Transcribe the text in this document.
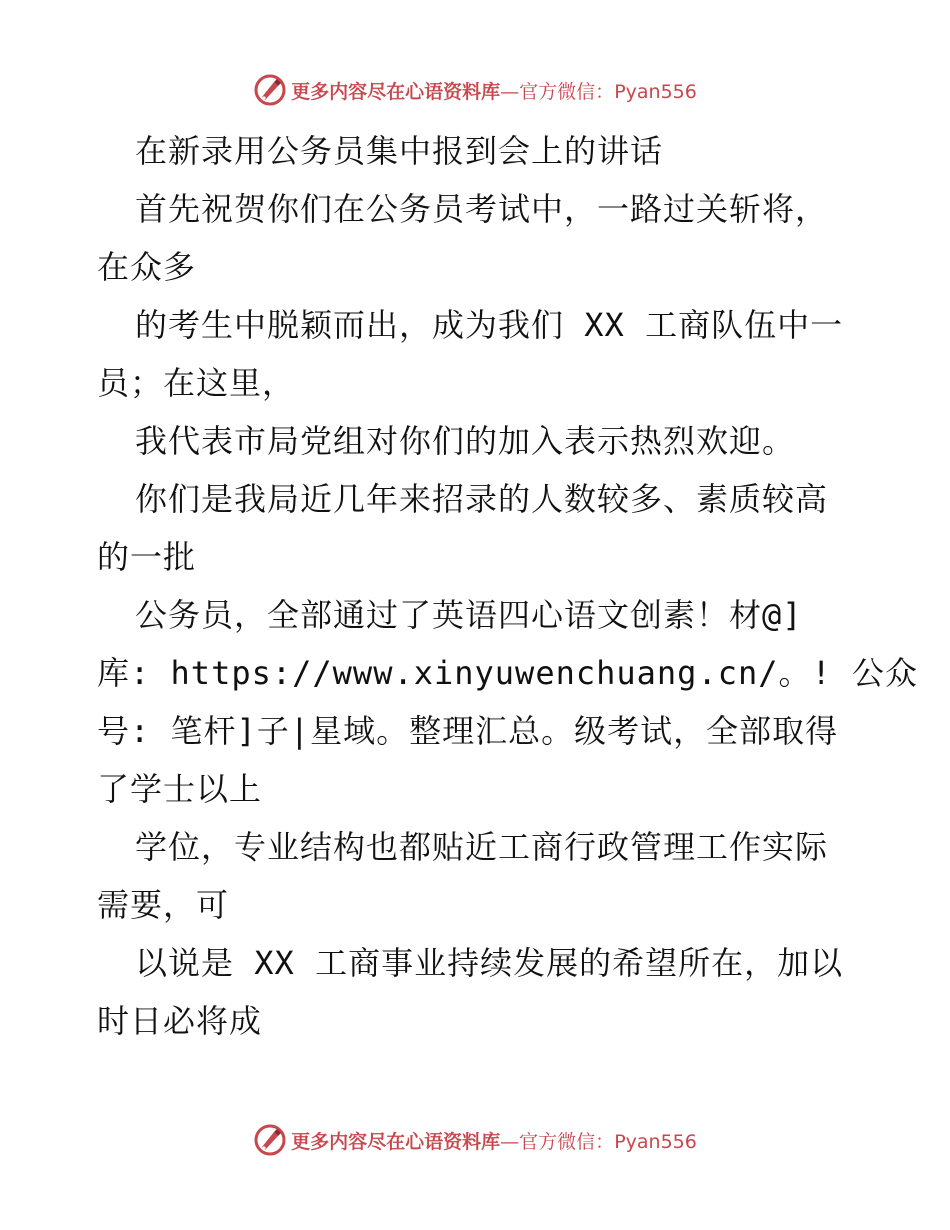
更多内容尽在心语资料库—官方微信：Pyan556
在新录用公务员集中报到会上的讲话
首先祝贺你们在公务员考试中，一路过关斩将，
在众多
的考生中脱颖而出，成为我们 XX 工商队伍中一
员；在这里，
我代表市局党组对你们的加入表示热烈欢迎。
你们是我局近几年来招录的人数较多、素质较高
的一批
公务员，全部通过了英语四心语文创素！材@]
库: https://www.xinyuwenchuang.cn/。! 公众
号: 笔杆]子|星域。整理汇总。级考试，全部取得
了学士以上
学位，专业结构也都贴近工商行政管理工作实际
需要，可
以说是 XX 工商事业持续发展的希望所在，加以
时日必将成
更多内容尽在心语资料库—官方微信：Pyan556
